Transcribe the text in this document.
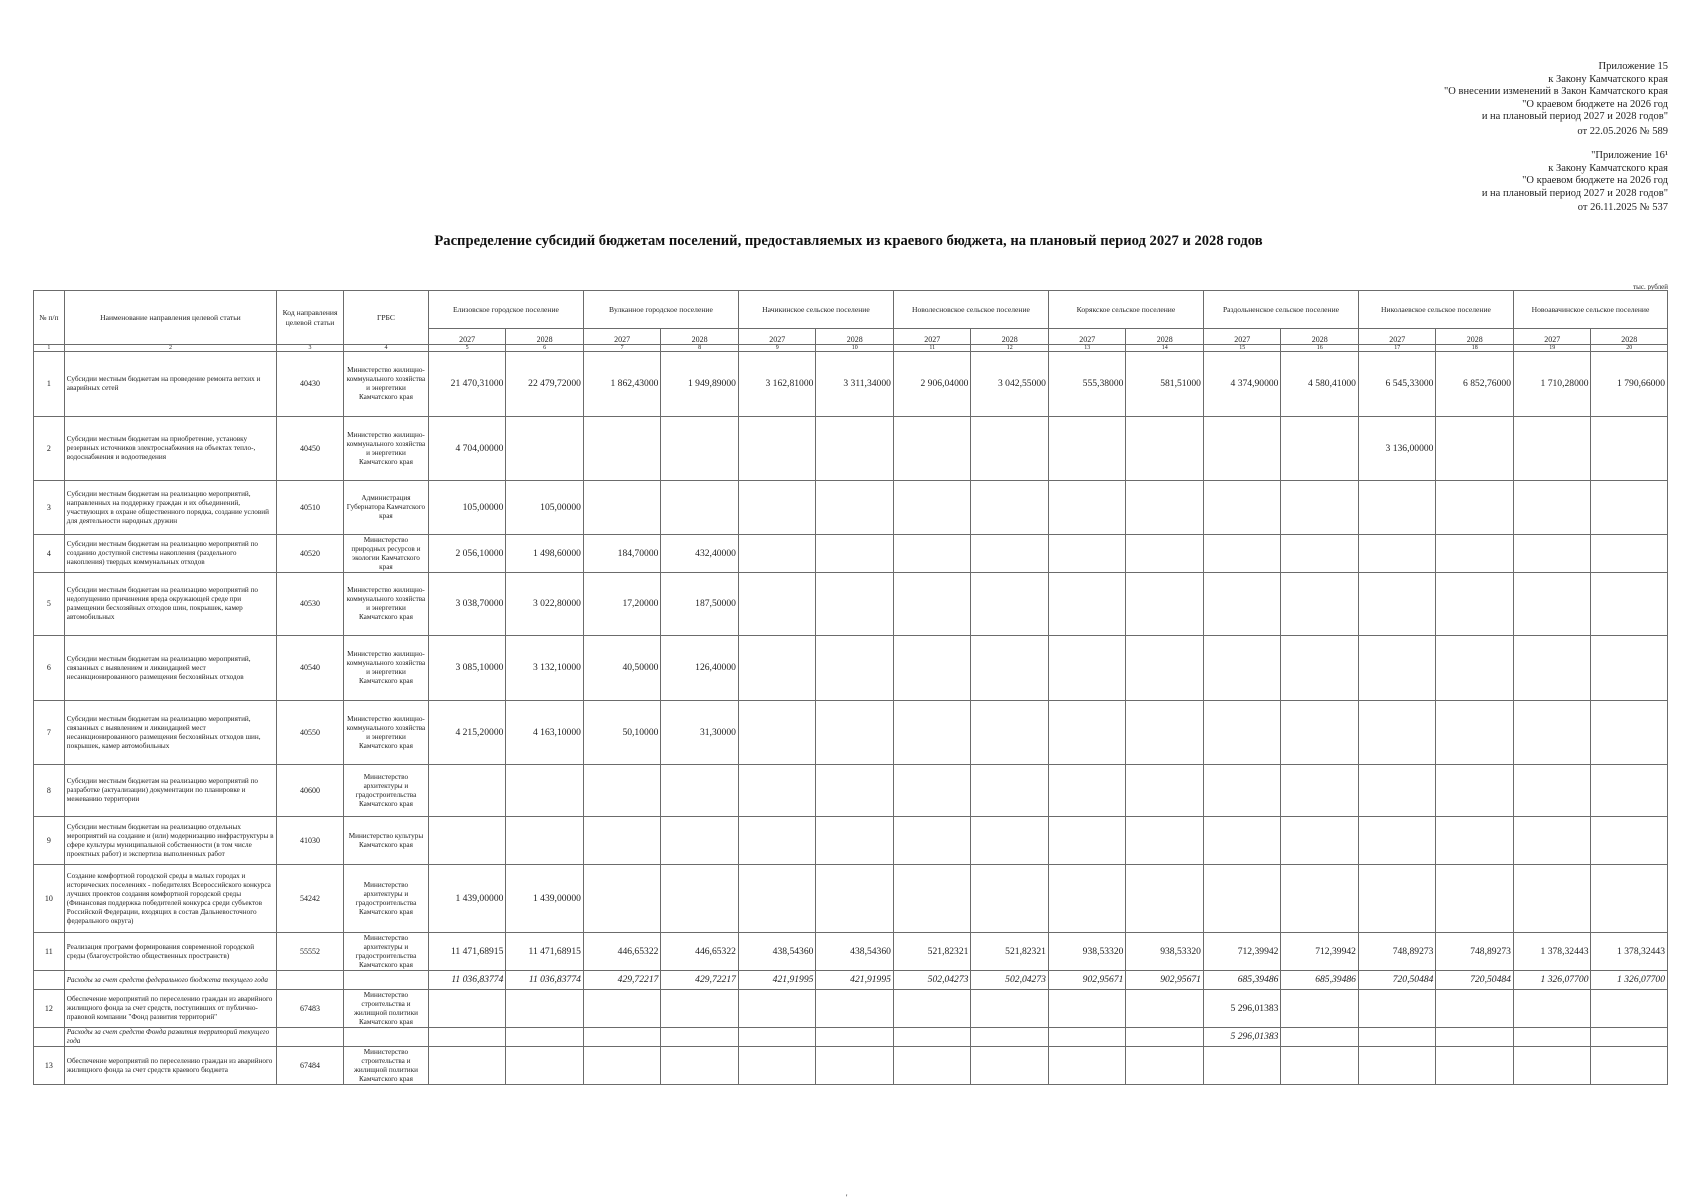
Приложение 15
к Закону Камчатского края
"О внесении изменений в Закон Камчатского края
"О краевом бюджете на 2026 год
и на плановый период 2027 и 2028 годов"
от 22.05.2026 № 589
"Приложение 16¹
к Закону Камчатского края
"О краевом бюджете на 2026 год
и на плановый период 2027 и 2028 годов"
от 26.11.2025 № 537
Распределение субсидий бюджетам поселений, предоставляемых из краевого бюджета, на плановый период 2027 и 2028 годов
тыс. рублей
№ п/п	Наименование направления целевой статьи	Код направления целевой статьи	ГРБС	Елизовское городское поселение		Вулканное городское поселение		Начикинское сельское поселение		Новолесновское сельское поселение		Корякское сельское поселение		Раздольненское сельское поселение		Николаевское сельское поселение		Новоавачинское сельское поселение	
				2027	2028	2027	2028	2027	2028	2027	2028	2027	2028	2027	2028	2027	2028	2027	2028
1	2	3	4	5	6	7	8	9	10	11	12	13	14	15	16	17	18	19	20
1	Субсидии местным бюджетам на проведение ремонта ветхих и аварийных сетей	40430	Министерство жилищно-коммунального хозяйства и энергетики Камчатского края	21 470,31000	22 479,72000	1 862,43000	1 949,89000	3 162,81000	3 311,34000	2 906,04000	3 042,55000	555,38000	581,51000	4 374,90000	4 580,41000	6 545,33000	6 852,76000	1 710,28000	1 790,66000
2	Субсидии местным бюджетам на приобретение, установку резервных источников электроснабжения на объектах тепло-, водоснабжения и водоотведения	40450	Министерство жилищно-коммунального хозяйства и энергетики Камчатского края	4 704,00000												3 136,00000			
3	Субсидии местным бюджетам на реализацию мероприятий, направленных на поддержку граждан и их объединений, участвующих в охране общественного порядка, создание условий для деятельности народных дружин	40510	Администрация Губернатора Камчатского края	105,00000	105,00000														
4	Субсидии местным бюджетам на реализацию мероприятий по созданию доступной системы накопления (раздельного накопления) твердых коммунальных отходов	40520	Министерство природных ресурсов и экологии Камчатского края	2 056,10000	1 498,60000	184,70000	432,40000												
5	Субсидии местным бюджетам на реализацию мероприятий по недопущению причинения вреда окружающей среде при размещении бесхозяйных отходов шин, покрышек, камер автомобильных	40530	Министерство жилищно-коммунального хозяйства и энергетики Камчатского края	3 038,70000	3 022,80000	17,20000	187,50000												
6	Субсидии местным бюджетам на реализацию мероприятий, связанных с выявлением и ликвидацией мест несанкционированного размещения бесхозяйных отходов	40540	Министерство жилищно-коммунального хозяйства и энергетики Камчатского края	3 085,10000	3 132,10000	40,50000	126,40000												
7	Субсидии местным бюджетам на реализацию мероприятий, связанных с выявлением и ликвидацией мест несанкционированного размещения бесхозяйных отходов шин, покрышек, камер автомобильных	40550	Министерство жилищно-коммунального хозяйства и энергетики Камчатского края	4 215,20000	4 163,10000	50,10000	31,30000												
8	Субсидии местным бюджетам на реализацию мероприятий по разработке (актуализации) документации по планировке и межеванию территории	40600	Министерство архитектуры и градостроительства Камчатского края																
9	Субсидии местным бюджетам на реализацию отдельных мероприятий на создание и (или) модернизацию инфраструктуры в сфере культуры муниципальной собственности (в том числе проектных работ) и экспертиза выполненных работ	41030	Министерство культуры Камчатского края																
10	Создание комфортной городской среды в малых городах и исторических поселениях - победителях Всероссийского конкурса лучших проектов создания комфортной городской среды (Финансовая поддержка победителей конкурса среди субъектов Российской Федерации, входящих в состав Дальневосточного федерального округа)	54242	Министерство архитектуры и градостроительства Камчатского края	1 439,00000	1 439,00000														
11	Реализация программ формирования современной городской среды (благоустройство общественных пространств)	55552	Министерство архитектуры и градостроительства Камчатского края	11 471,68915	11 471,68915	446,65322	446,65322	438,54360	438,54360	521,82321	521,82321	938,53320	938,53320	712,39942	712,39942	748,89273	748,89273	1 378,32443	1 378,32443
	Расходы за счет средств федерального бюджета текущего года			11 036,83774	11 036,83774	429,72217	429,72217	421,91995	421,91995	502,04273	502,04273	902,95671	902,95671	685,39486	685,39486	720,50484	720,50484	1 326,07700	1 326,07700
12	Обеспечение мероприятий по переселению граждан из аварийного жилищного фонда за счет средств, поступивших от публично-правовой компании "Фонд развития территорий"	67483	Министерство строительства и жилищной политики Камчатского края											5 296,01383					
	Расходы за счет средств Фонда развития территорий текущего года													5 296,01383					
13	Обеспечение мероприятий по переселению граждан из аварийного жилищного фонда за счет средств краевого бюджета	67484	Министерство строительства и жилищной политики Камчатского края																
'
